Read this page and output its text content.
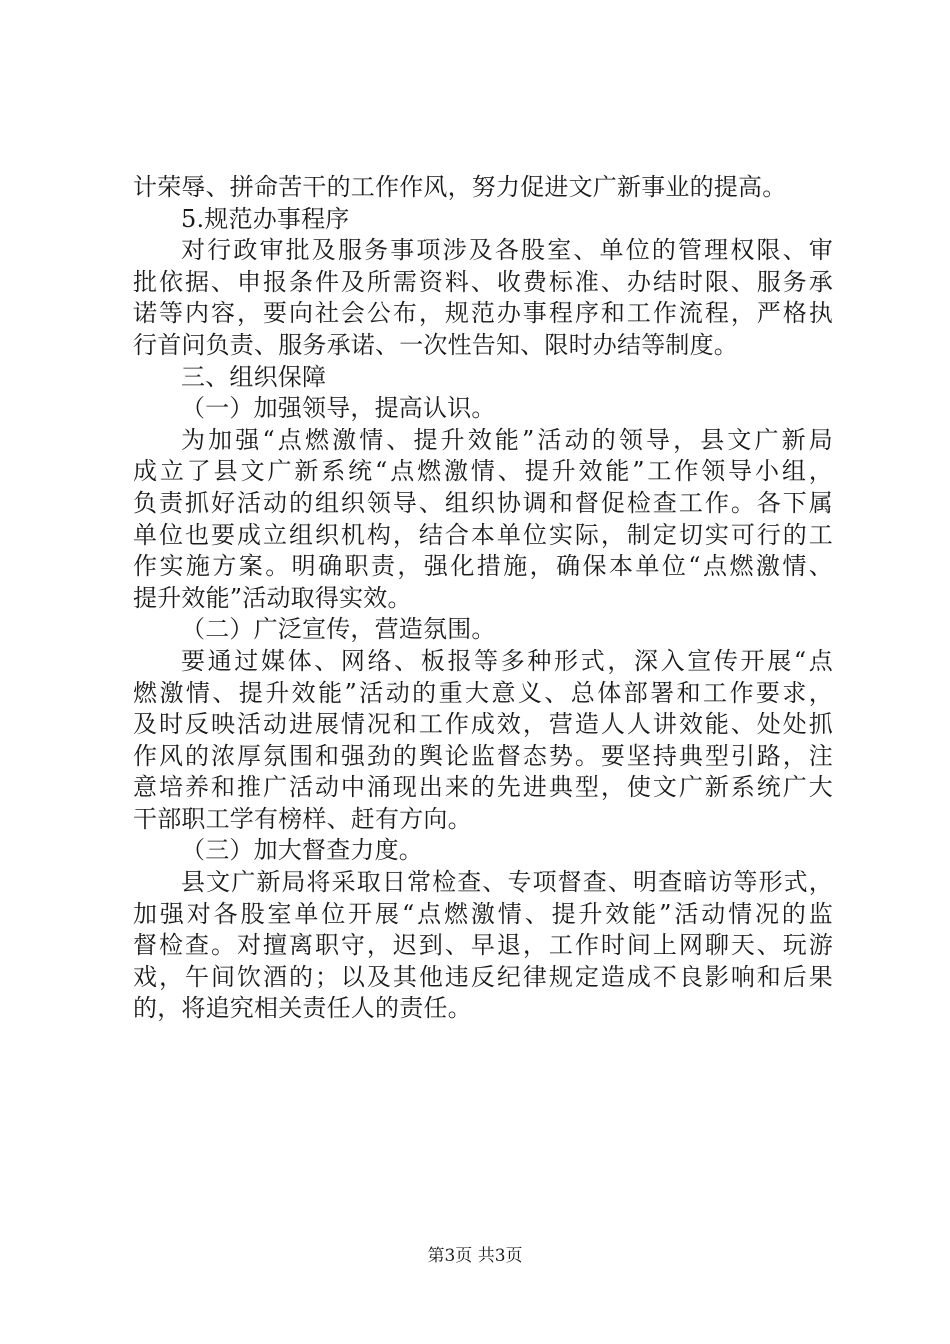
计荣辱、拼命苦干的工作作风，努力促进文广新事业的提高。
5.规范办事程序
对行政审批及服务事项涉及各股室、单位的管理权限、审
批依据、申报条件及所需资料、收费标准、办结时限、服务承
诺等内容，要向社会公布，规范办事程序和工作流程，严格执
行首问负责、服务承诺、一次性告知、限时办结等制度。
三、组织保障
（一）加强领导，提高认识。
为加强“点燃激情、提升效能”活动的领导，县文广新局
成立了县文广新系统“点燃激情、提升效能”工作领导小组，
负责抓好活动的组织领导、组织协调和督促检查工作。各下属
单位也要成立组织机构，结合本单位实际，制定切实可行的工
作实施方案。明确职责，强化措施，确保本单位“点燃激情、
提升效能”活动取得实效。
（二）广泛宣传，营造氛围。
要通过媒体、网络、板报等多种形式，深入宣传开展“点
燃激情、提升效能”活动的重大意义、总体部署和工作要求，
及时反映活动进展情况和工作成效，营造人人讲效能、处处抓
作风的浓厚氛围和强劲的舆论监督态势。要坚持典型引路，注
意培养和推广活动中涌现出来的先进典型，使文广新系统广大
干部职工学有榜样、赶有方向。
（三）加大督查力度。
县文广新局将采取日常检查、专项督查、明查暗访等形式，
加强对各股室单位开展“点燃激情、提升效能”活动情况的监
督检查。对擅离职守，迟到、早退，工作时间上网聊天、玩游
戏，午间饮酒的；以及其他违反纪律规定造成不良影响和后果
的，将追究相关责任人的责任。
第3页 共3页
